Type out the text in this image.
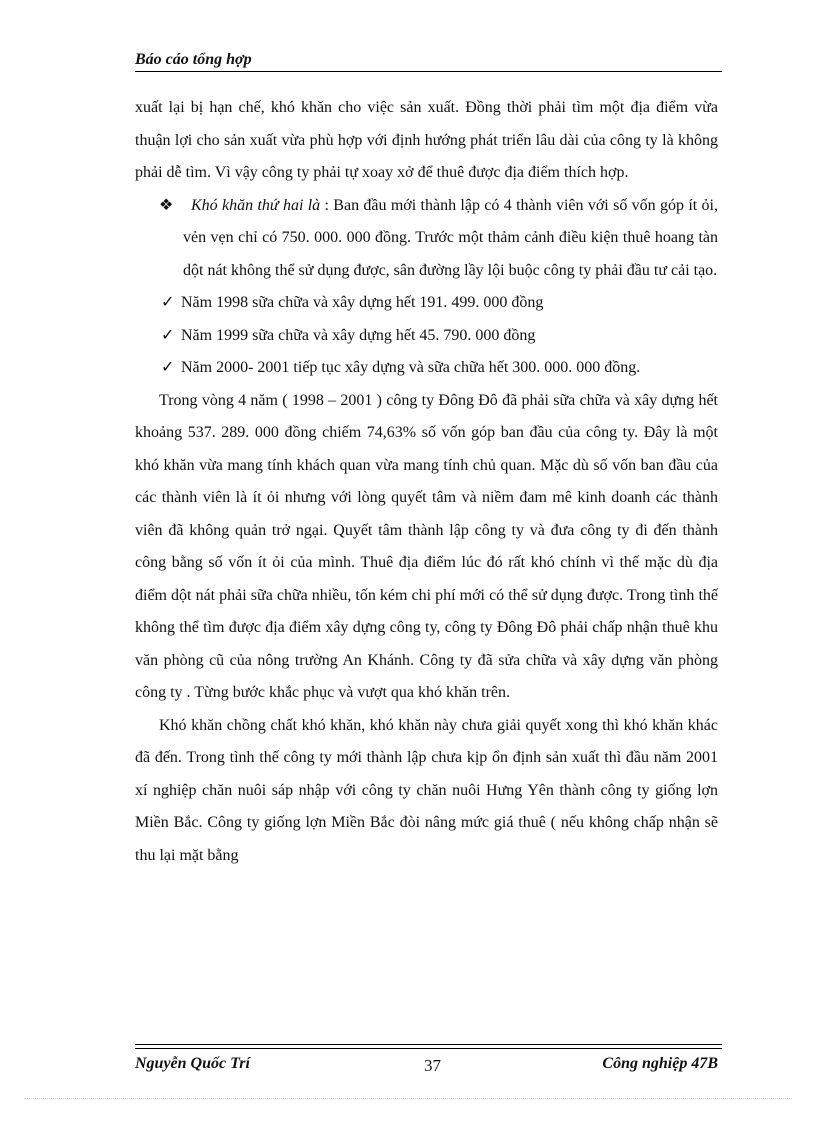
Báo cáo tổng hợp

xuất lại bị hạn chế, khó khăn cho việc sản xuất. Đồng thời phải tìm một địa điểm vừa thuận lợi cho sản xuất vừa phù hợp với định hướng phát triển lâu dài của công ty là không phải dễ tìm. Vì vậy công ty phải tự xoay xở để thuê được địa điểm thích hợp.

❖	Khó khăn thứ hai là : Ban đầu mới thành lập có 4 thành viên với số vốn góp ít ỏi, vẻn vẹn chỉ có 750. 000. 000 đồng. Trước một thảm cảnh điều kiện thuê hoang tàn dột nát không thể sử dụng được, sân đường lầy lội buộc công ty phải đầu tư cải tạo.
✓ Năm 1998 sữa chữa và xây dựng hết 191. 499. 000 đồng
✓ Năm 1999 sữa chữa và xây dựng hết 45. 790. 000 đồng
✓ Năm 2000- 2001 tiếp tục xây dựng và sữa chữa hết 300. 000. 000 đồng.

Trong vòng 4 năm ( 1998 – 2001 ) công ty Đông Đô đã phải sữa chữa và xây dựng hết khoảng 537. 289. 000 đồng chiếm 74,63% số vốn góp ban đầu của công ty. Đây là một khó khăn vừa mang tính khách quan vừa mang tính chủ quan. Mặc dù số vốn ban đầu của các thành viên là ít ỏi nhưng với lòng quyết tâm và niềm đam mê kinh doanh các thành viên đã không quản trở ngại. Quyết tâm thành lập công ty và đưa công ty đi đến thành công bằng số vốn ít ỏi của mình. Thuê địa điểm lúc đó rất khó chính vì thế mặc dù địa điểm dột nát phải sữa chữa nhiều, tốn kém chi phí mới có thể sử dụng được. Trong tình thế không thể tìm được địa điểm xây dựng công ty, công ty Đông Đô phải chấp nhận thuê khu văn phòng cũ của nông trường An Khánh. Công ty đã sửa chữa và xây dựng văn phòng công ty . Từng bước khắc phục và vượt qua khó khăn trên.

Khó khăn chồng chất khó khăn, khó khăn này chưa giải quyết xong thì khó khăn khác đã đến. Trong tình thế công ty mới thành lập chưa kịp ổn định sản xuất thì đầu năm 2001 xí nghiệp chăn nuôi sáp nhập với công ty chăn nuôi Hưng Yên thành công ty giống lợn Miền Bắc. Công ty giống lợn Miền Bắc đòi nâng mức giá thuê ( nếu không chấp nhận sẽ thu lại mặt bằng

Nguyễn Quốc Trí	37	Công nghiệp 47B
